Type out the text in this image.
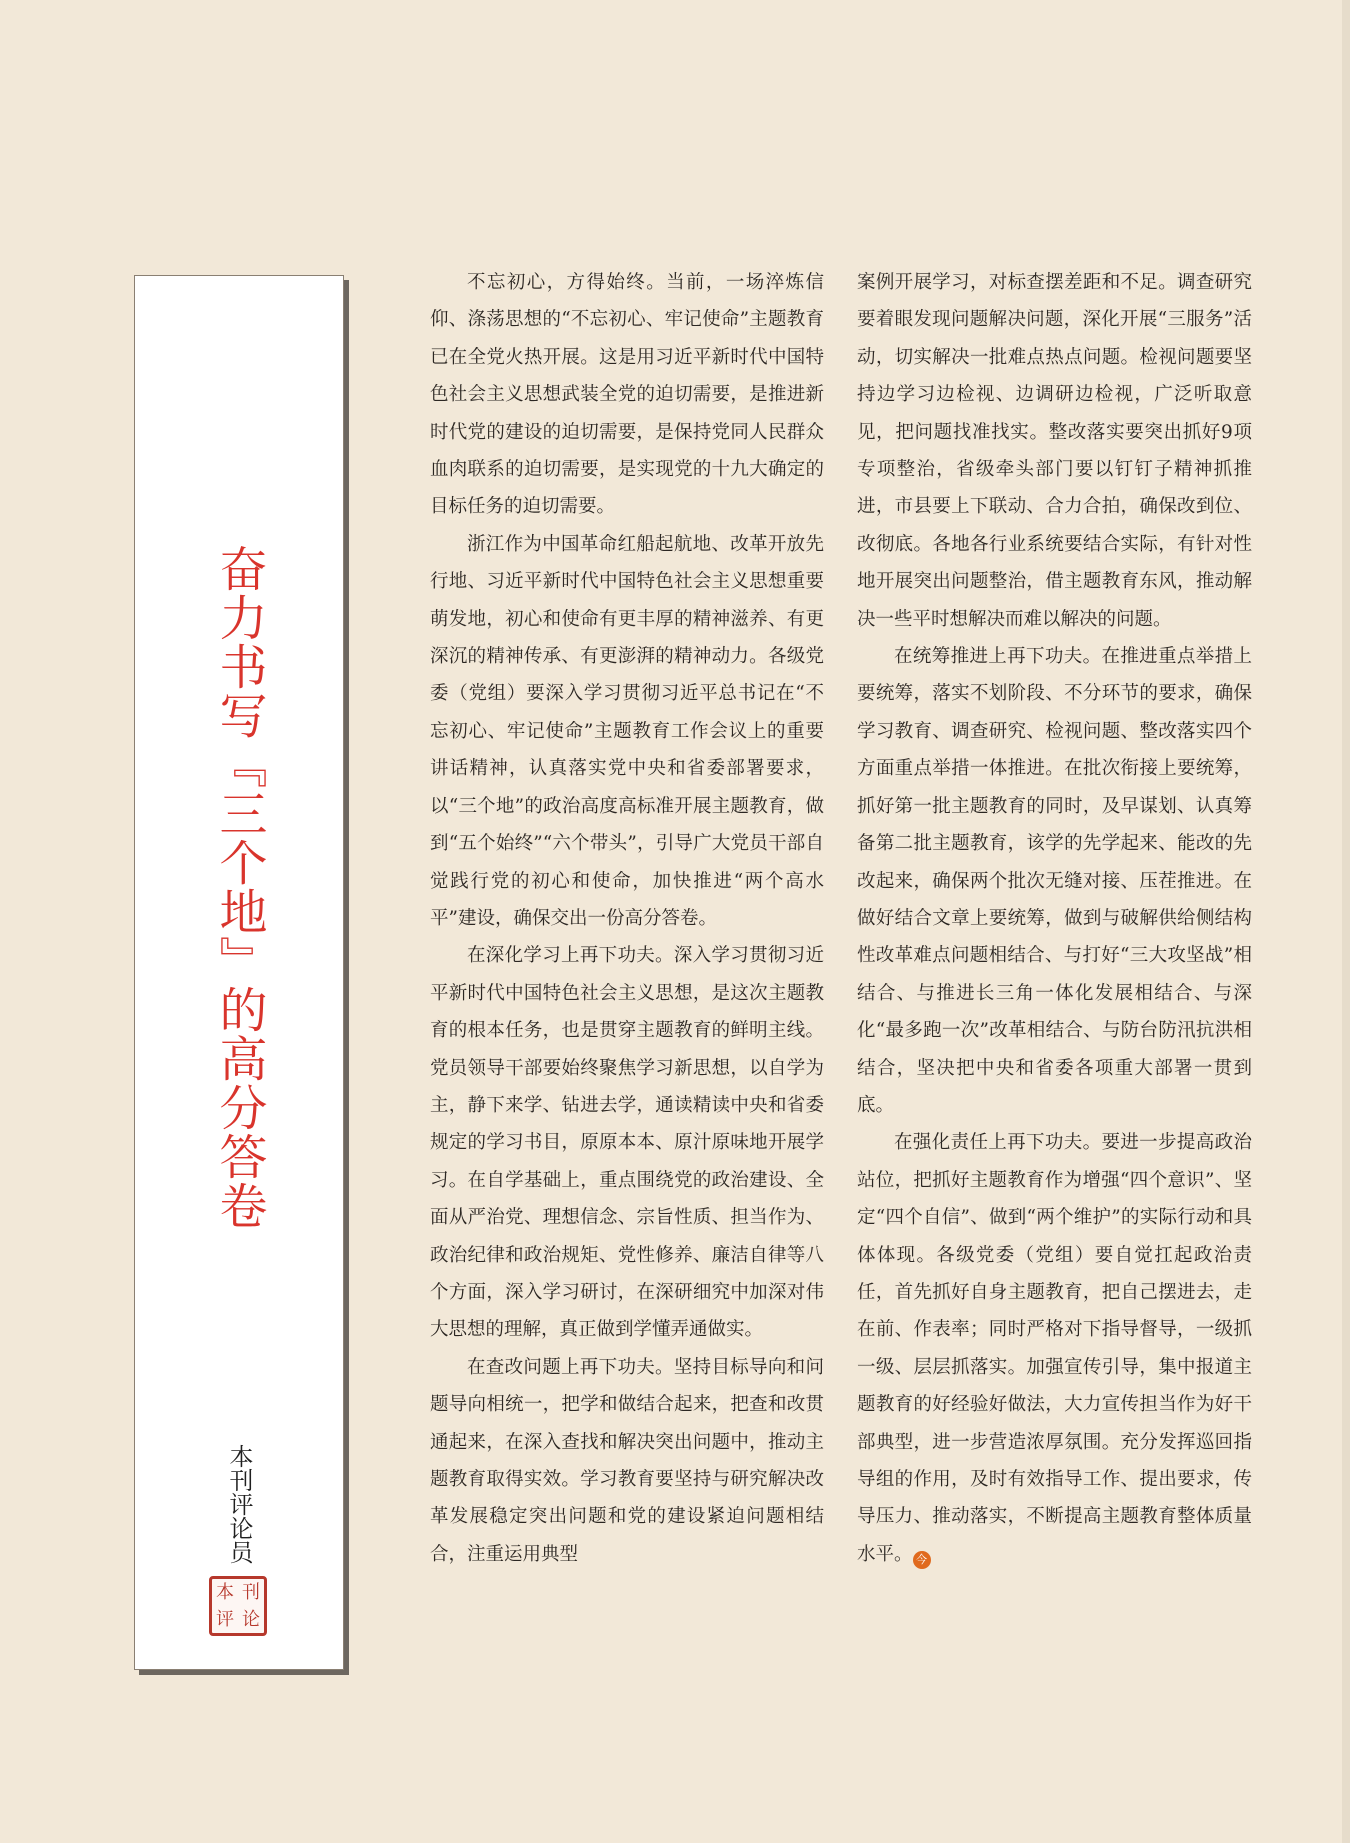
奋力书写『三个地』的高分答卷
本刊评论员
本 刊
评 论

不忘初心，方得始终。当前，一场淬炼信仰、涤荡思想的“不忘初心、牢记使命”主题教育已在全党火热开展。这是用习近平新时代中国特色社会主义思想武装全党的迫切需要，是推进新时代党的建设的迫切需要，是保持党同人民群众血肉联系的迫切需要，是实现党的十九大确定的目标任务的迫切需要。

浙江作为中国革命红船起航地、改革开放先行地、习近平新时代中国特色社会主义思想重要萌发地，初心和使命有更丰厚的精神滋养、有更深沉的精神传承、有更澎湃的精神动力。各级党委（党组）要深入学习贯彻习近平总书记在“不忘初心、牢记使命”主题教育工作会议上的重要讲话精神，认真落实党中央和省委部署要求，以“三个地”的政治高度高标准开展主题教育，做到“五个始终”“六个带头”，引导广大党员干部自觉践行党的初心和使命，加快推进“两个高水平”建设，确保交出一份高分答卷。

在深化学习上再下功夫。深入学习贯彻习近平新时代中国特色社会主义思想，是这次主题教育的根本任务，也是贯穿主题教育的鲜明主线。党员领导干部要始终聚焦学习新思想，以自学为主，静下来学、钻进去学，通读精读中央和省委规定的学习书目，原原本本、原汁原味地开展学习。在自学基础上，重点围绕党的政治建设、全面从严治党、理想信念、宗旨性质、担当作为、政治纪律和政治规矩、党性修养、廉洁自律等八个方面，深入学习研讨，在深研细究中加深对伟大思想的理解，真正做到学懂弄通做实。

在查改问题上再下功夫。坚持目标导向和问题导向相统一，把学和做结合起来，把查和改贯通起来，在深入查找和解决突出问题中，推动主题教育取得实效。学习教育要坚持与研究解决改革发展稳定突出问题和党的建设紧迫问题相结合，注重运用典型

案例开展学习，对标查摆差距和不足。调查研究要着眼发现问题解决问题，深化开展“三服务”活动，切实解决一批难点热点问题。检视问题要坚持边学习边检视、边调研边检视，广泛听取意见，把问题找准找实。整改落实要突出抓好9项专项整治，省级牵头部门要以钉钉子精神抓推进，市县要上下联动、合力合拍，确保改到位、改彻底。各地各行业系统要结合实际，有针对性地开展突出问题整治，借主题教育东风，推动解决一些平时想解决而难以解决的问题。

在统筹推进上再下功夫。在推进重点举措上要统筹，落实不划阶段、不分环节的要求，确保学习教育、调查研究、检视问题、整改落实四个方面重点举措一体推进。在批次衔接上要统筹，抓好第一批主题教育的同时，及早谋划、认真筹备第二批主题教育，该学的先学起来、能改的先改起来，确保两个批次无缝对接、压茬推进。在做好结合文章上要统筹，做到与破解供给侧结构性改革难点问题相结合、与打好“三大攻坚战”相结合、与推进长三角一体化发展相结合、与深化“最多跑一次”改革相结合、与防台防汛抗洪相结合，坚决把中央和省委各项重大部署一贯到底。

在强化责任上再下功夫。要进一步提高政治站位，把抓好主题教育作为增强“四个意识”、坚定“四个自信”、做到“两个维护”的实际行动和具体体现。各级党委（党组）要自觉扛起政治责任，首先抓好自身主题教育，把自己摆进去，走在前、作表率；同时严格对下指导督导，一级抓一级、层层抓落实。加强宣传引导，集中报道主题教育的好经验好做法，大力宣传担当作为好干部典型，进一步营造浓厚氛围。充分发挥巡回指导组的作用，及时有效指导工作、提出要求，传导压力、推动落实，不断提高主题教育整体质量水平。 今
